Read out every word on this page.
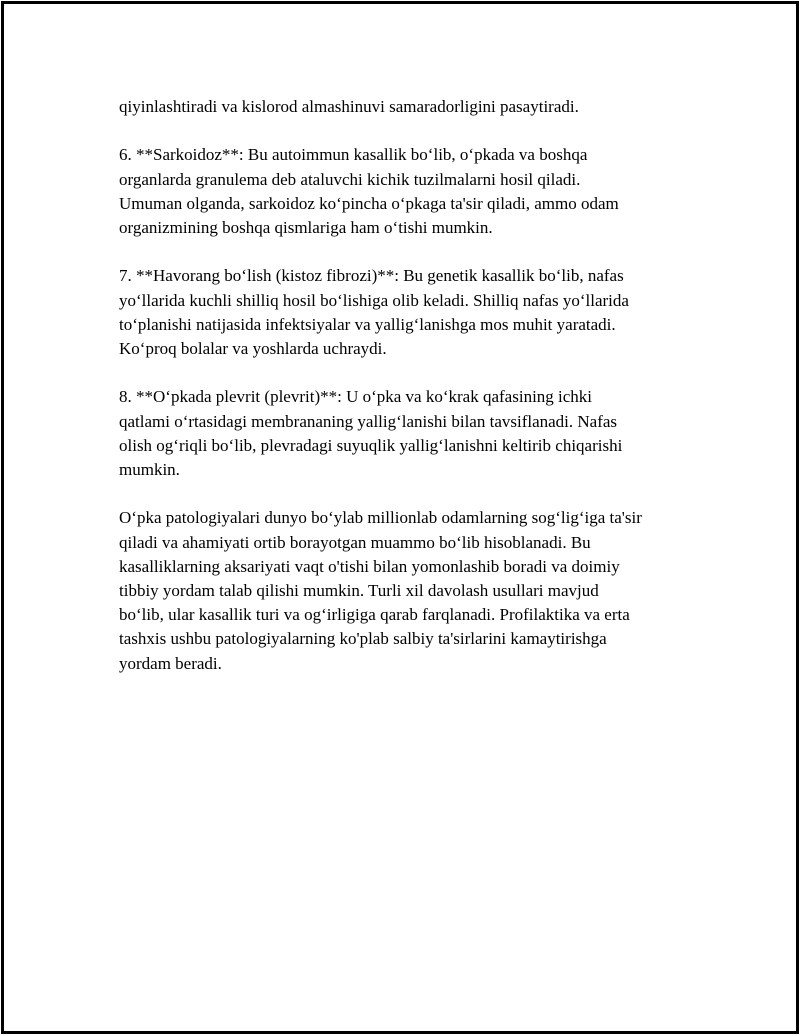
qiyinlashtiradi va kislorod almashinuvi samaradorligini pasaytiradi.

6. **Sarkoidoz**: Bu autoimmun kasallik bo‘lib, o‘pkada va boshqa
organlarda granulema deb ataluvchi kichik tuzilmalarni hosil qiladi.
Umuman olganda, sarkoidoz ko‘pincha o‘pkaga ta'sir qiladi, ammo odam
organizmining boshqa qismlariga ham o‘tishi mumkin.

7. **Havorang bo‘lish (kistoz fibrozi)**: Bu genetik kasallik bo‘lib, nafas
yo‘llarida kuchli shilliq hosil bo‘lishiga olib keladi. Shilliq nafas yo‘llarida
to‘planishi natijasida infektsiyalar va yallig‘lanishga mos muhit yaratadi.
Ko‘proq bolalar va yoshlarda uchraydi.

8. **O‘pkada plevrit (plevrit)**: U o‘pka va ko‘krak qafasining ichki
qatlami o‘rtasidagi membrananing yallig‘lanishi bilan tavsiflanadi. Nafas
olish og‘riqli bo‘lib, plevradagi suyuqlik yallig‘lanishni keltirib chiqarishi
mumkin.

O‘pka patologiyalari dunyo bo‘ylab millionlab odamlarning sog‘lig‘iga ta'sir
qiladi va ahamiyati ortib borayotgan muammo bo‘lib hisoblanadi. Bu
kasalliklarning aksariyati vaqt o'tishi bilan yomonlashib boradi va doimiy
tibbiy yordam talab qilishi mumkin. Turli xil davolash usullari mavjud
bo‘lib, ular kasallik turi va og‘irligiga qarab farqlanadi. Profilaktika va erta
tashxis ushbu patologiyalarning ko'plab salbiy ta'sirlarini kamaytirishga
yordam beradi.
